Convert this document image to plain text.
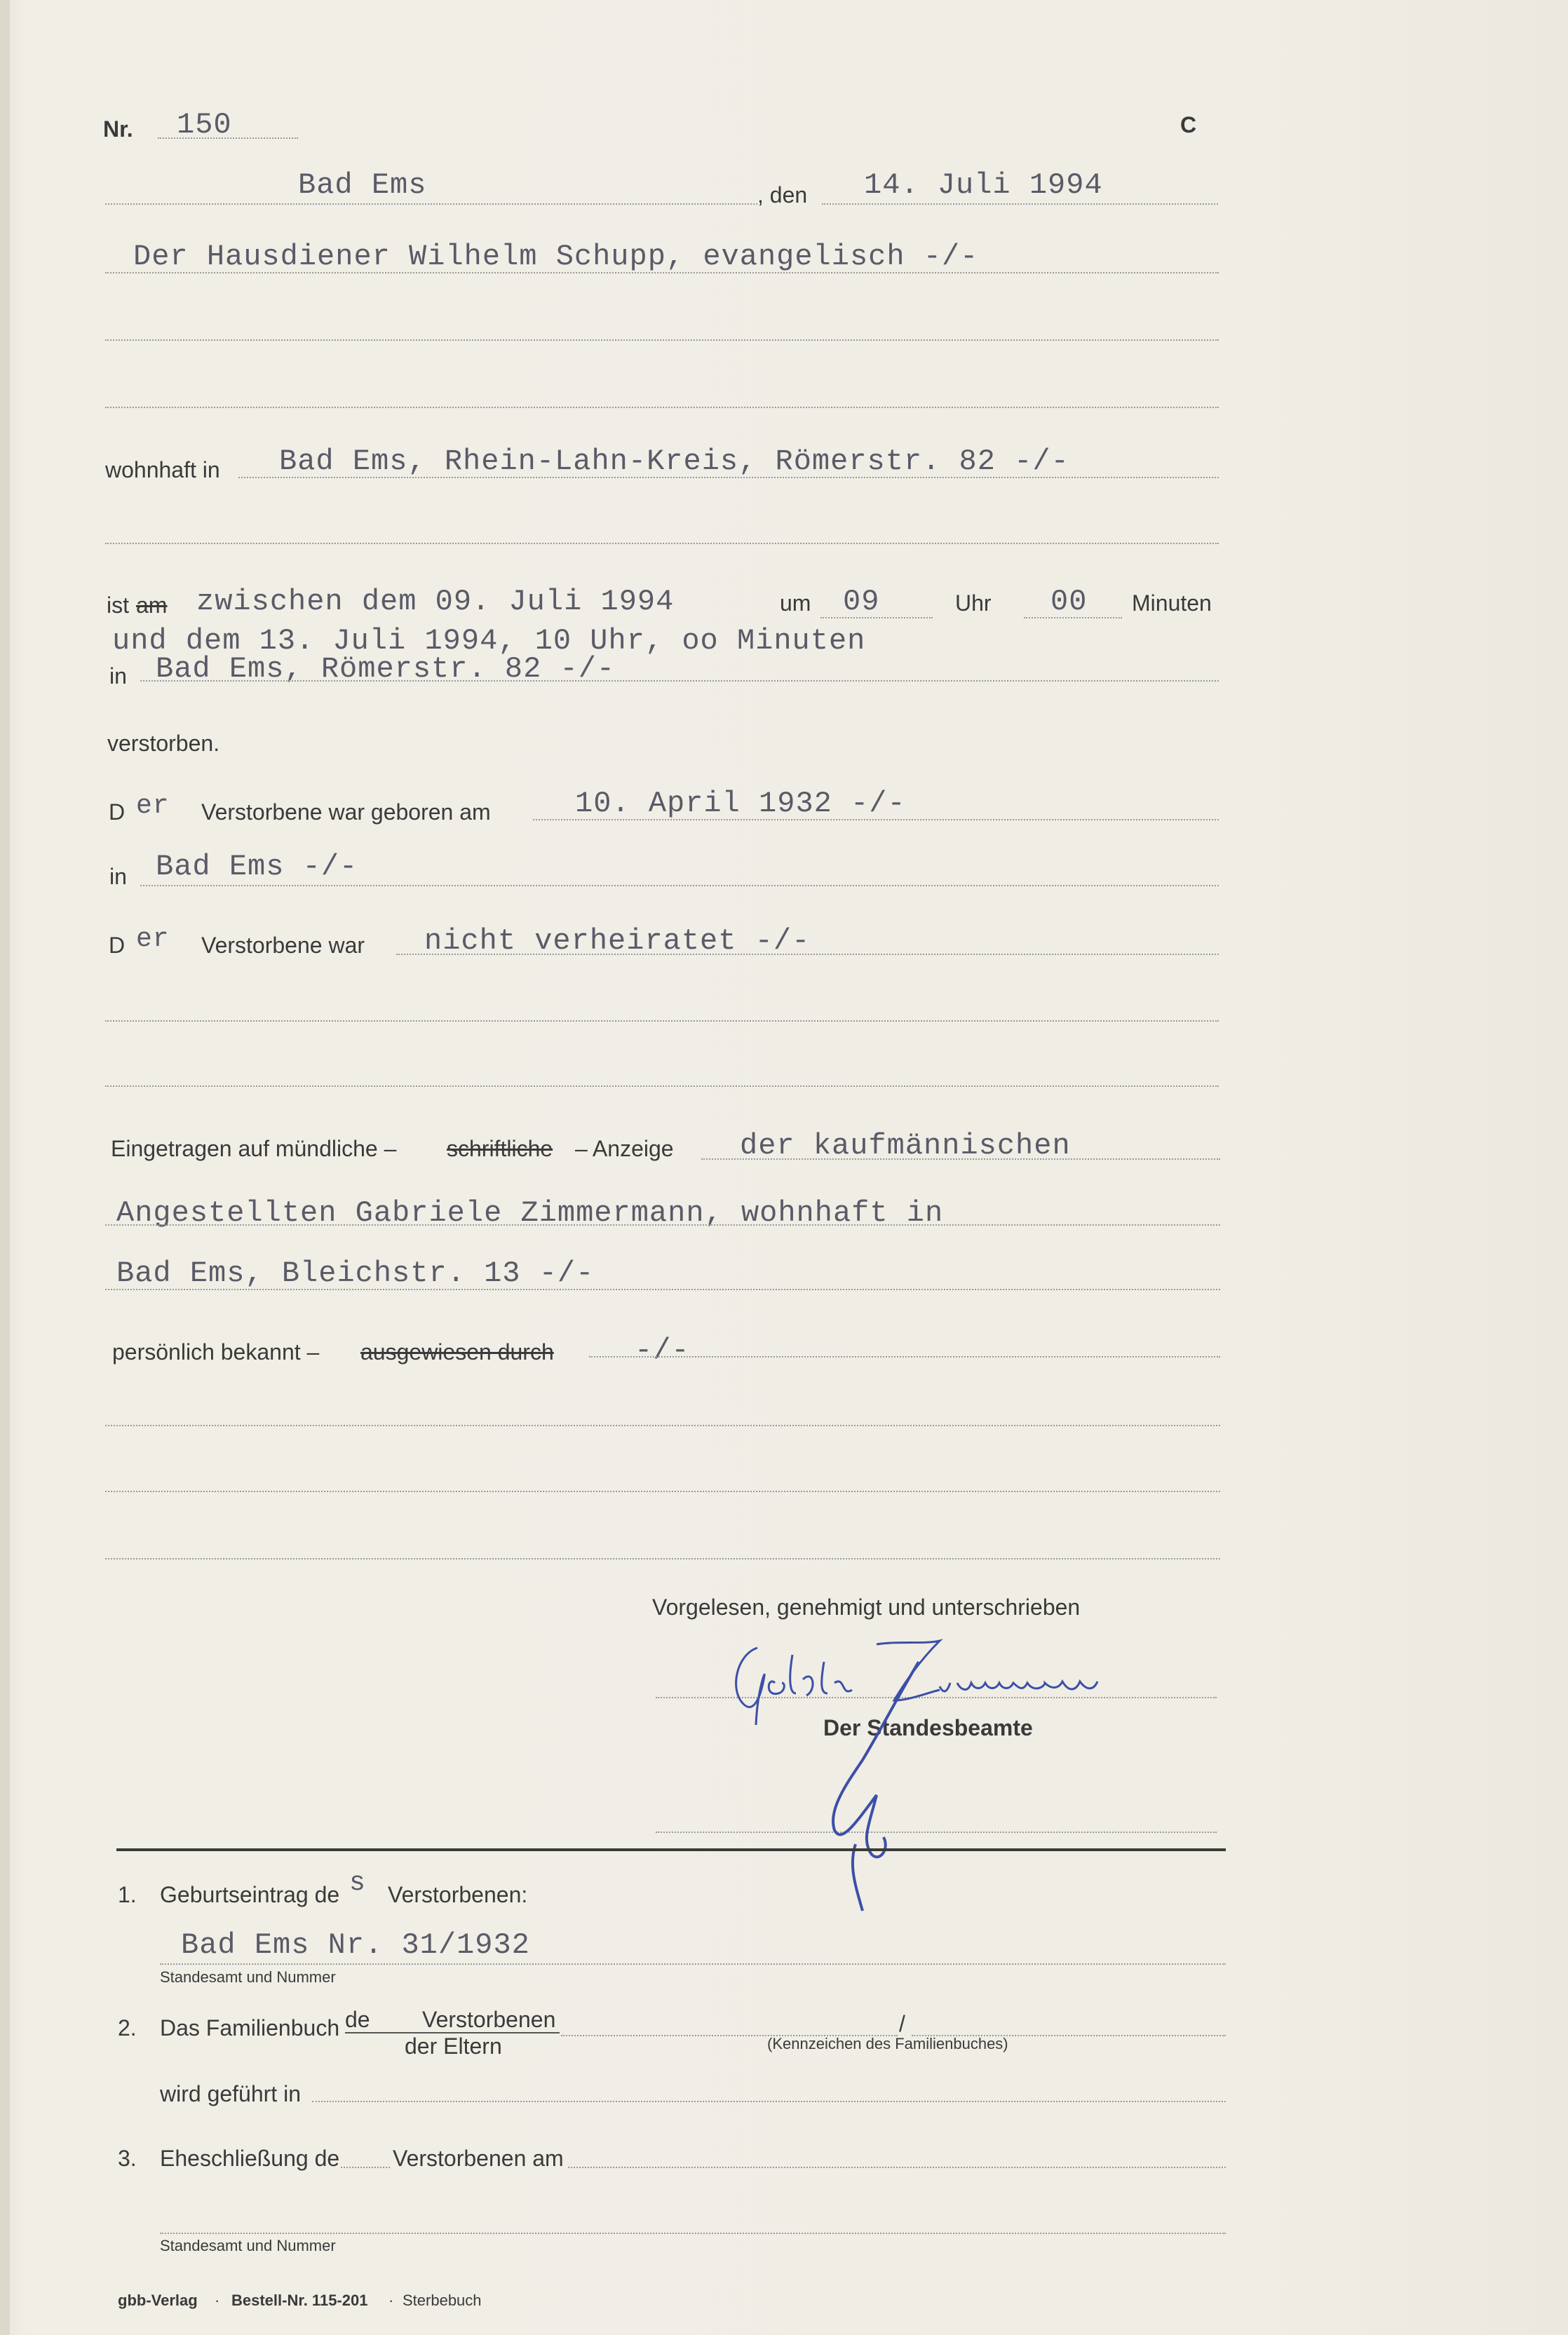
Nr. 150	C
Bad Ems	, den 14. Juli 1994
Der Hausdiener Wilhelm Schupp, evangelisch -/-
wohnhaft in Bad Ems, Rhein-Lahn-Kreis, Römerstr. 82 -/-
ist am zwischen dem 09. Juli 1994	um 09	Uhr 00 Minuten
und dem 13. Juli 1994, 10 Uhr, oo Minuten
in Bad Ems, Römerstr. 82 -/-
verstorben.
D er Verstorbene war geboren am	10. April 1932 -/-
in Bad Ems -/-
D er Verstorbene war nicht verheiratet -/-
Eingetragen auf mündliche – schriftliche – Anzeige der kaufmännischen
Angestellten Gabriele Zimmermann, wohnhaft in
Bad Ems, Bleichstr. 13 -/-
persönlich bekannt – ausgewiesen durch	-/-
Vorgelesen, genehmigt und unterschrieben
Der Standesbeamte
1. Geburtseintrag de s Verstorbenen:
Bad Ems Nr. 31/1932
Standesamt und Nummer
2. Das Familienbuch de Verstorbenen
der Eltern
/
(Kennzeichen des Familienbuches)
wird geführt in
3. Eheschließung de Verstorbenen am
Standesamt und Nummer
gbb-Verlag · Bestell-Nr. 115-201 · Sterbebuch
